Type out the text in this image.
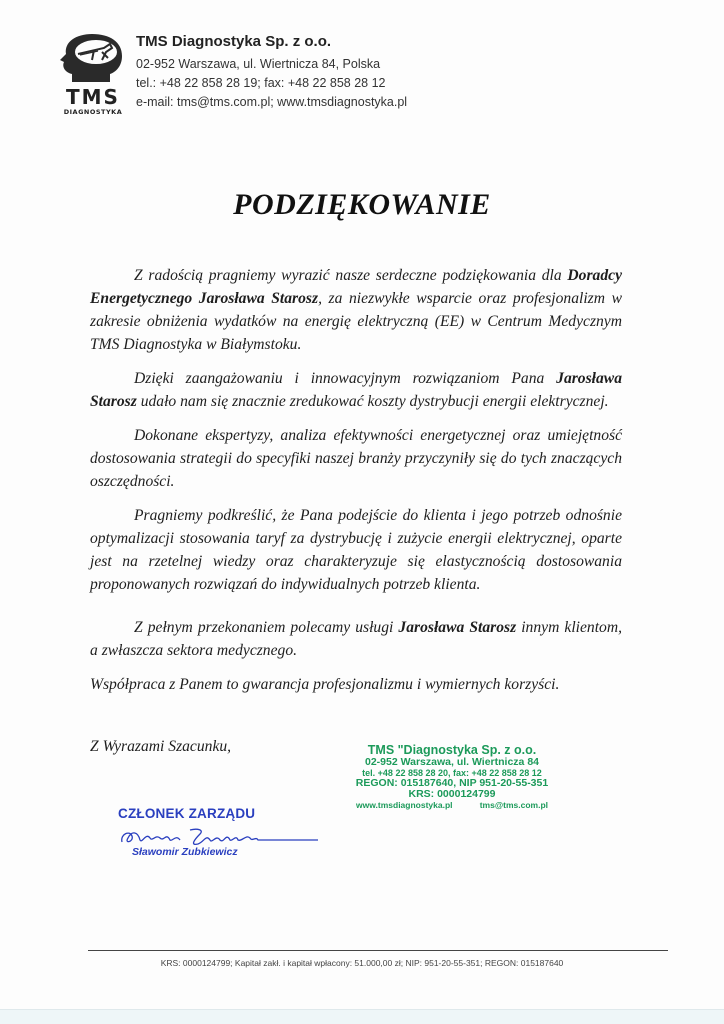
TMS
DIAGNOSTYKA
TMS Diagnostyka Sp. z o.o.
02-952 Warszawa, ul. Wiertnicza 84, Polska
tel.: +48 22 858 28 19; fax: +48 22 858 28 12
e-mail: tms@tms.com.pl; www.tmsdiagnostyka.pl
PODZIĘKOWANIE

Z radością pragniemy wyrazić nasze serdeczne podziękowania dla Doradcy Energetycznego Jarosława Starosz, za niezwykłe wsparcie oraz profesjonalizm w zakresie obniżenia wydatków na energię elektryczną (EE) w Centrum Medycznym TMS Diagnostyka w Białymstoku.

Dzięki zaangażowaniu i innowacyjnym rozwiązaniom Pana Jarosława Starosz udało nam się znacznie zredukować koszty dystrybucji energii elektrycznej.

Dokonane ekspertyzy, analiza efektywności energetycznej oraz umiejętność dostosowania strategii do specyfiki naszej branży przyczyniły się do tych znaczących oszczędności.

Pragniemy podkreślić, że Pana podejście do klienta i jego potrzeb odnośnie optymalizacji stosowania taryf za dystrybucję i zużycie energii elektrycznej, oparte jest na rzetelnej wiedzy oraz charakteryzuje się elastycznością dostosowania proponowanych rozwiązań do indywidualnych potrzeb klienta.

Z pełnym przekonaniem polecamy usługi Jarosława Starosz innym klientom, a zwłaszcza sektora medycznego.

Współpraca z Panem to gwarancja profesjonalizmu i wymiernych korzyści.

Z Wyrazami Szacunku,	TMS "Diagnostyka Sp. z o.o.
02-952 Warszawa, ul. Wiertnicza 84
tel. +48 22 858 28 20, fax: +48 22 858 28 12
REGON: 015187640, NIP 951-20-55-351
KRS: 0000124799
www.tmsdiagnostyka.pl	tms@tms.com.pl
CZŁONEK ZARZĄDU
Sławomir Zubkiewicz
KRS: 0000124799; Kapitał zakł. i kapitał wpłacony: 51.000,00 zł; NIP: 951-20-55-351; REGON: 015187640
